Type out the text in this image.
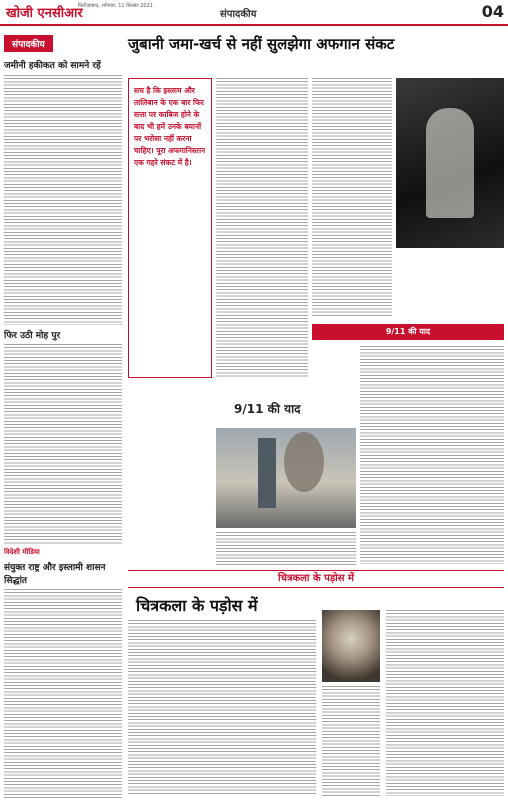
खोजी एनसीआर
फ़िरोज़ाबाद, शनिवार, 11 सितंबर 2021
संपादकीय	04
संपादकीय
जमीनी हकीकत को सामने रहें
फिर उठी मोह पुर
विदेशी मीडिया
संयुक्त राष्ट्र और इस्लामी शासन सिद्धांत
जुबानी जमा-खर्च से नहीं सुलझेगा अफगान संकट
सच है कि इस्लाम और तालिबान के एक बार फिर सत्ता पर काबिज होने के बाद भी हमें उनके बयानों पर भरोसा नहीं करना चाहिए। पूरा अफगानिस्तान एक गहरे संकट में है।
9/11 की याद
9/11 की याद
चित्रकला के पड़ोस में
चित्रकला के पड़ोस में
